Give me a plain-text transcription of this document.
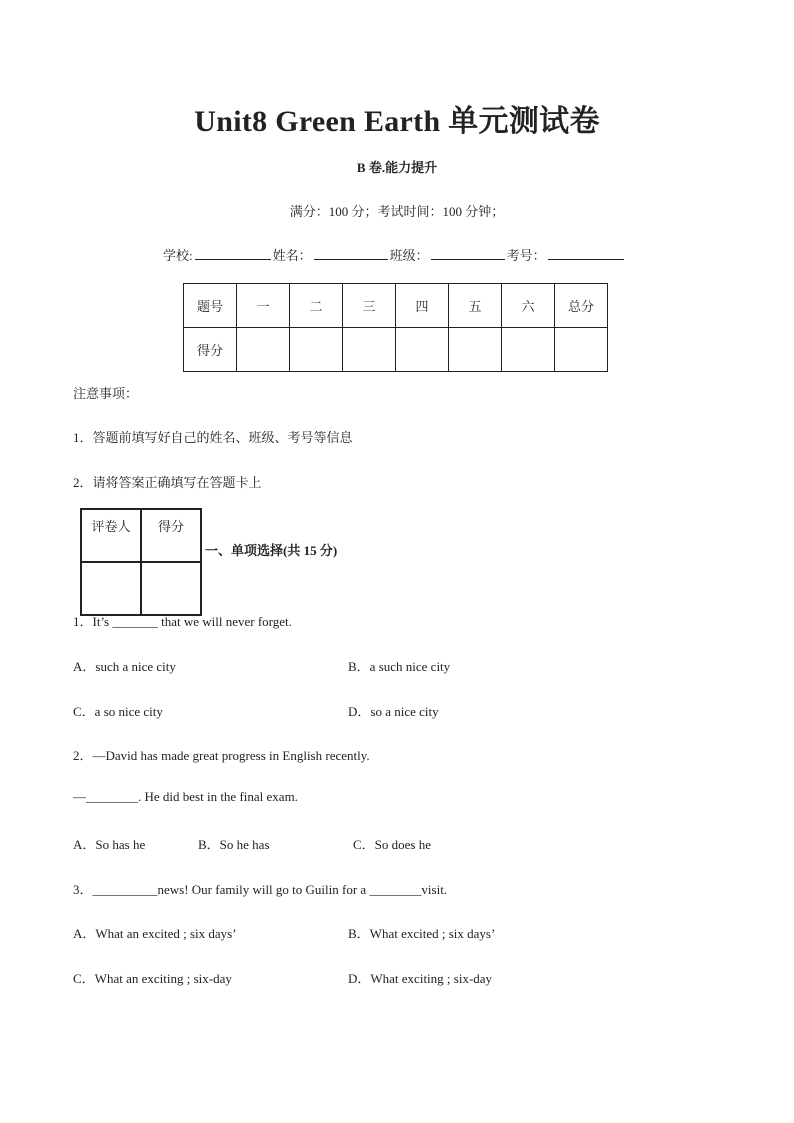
Unit8 Green Earth 单元测试卷
B 卷.能力提升
满分：100 分；考试时间：100 分钟；
学校:	姓名：	班级：	考号：
题号	一	二	三	四	五	六	总分
得分							
注意事项：
1．答题前填写好自己的姓名、班级、考号等信息
2．请将答案正确填写在答题卡上
评卷人	得分

一、单项选择(共 15 分)
1．It’s _______ that we will never forget.
A．such a nice city	B．a such nice city
C．a so nice city	D．so a nice city
2．—David has made great progress in English recently.
—________. He did best in the final exam.
A．So has he	B．So he has	C．So does he
3．__________news! Our family will go to Guilin for a ________visit.
A．What an excited ; six days’	B．What excited ; six days’
C．What an exciting ; six-day	D．What exciting ; six-day
